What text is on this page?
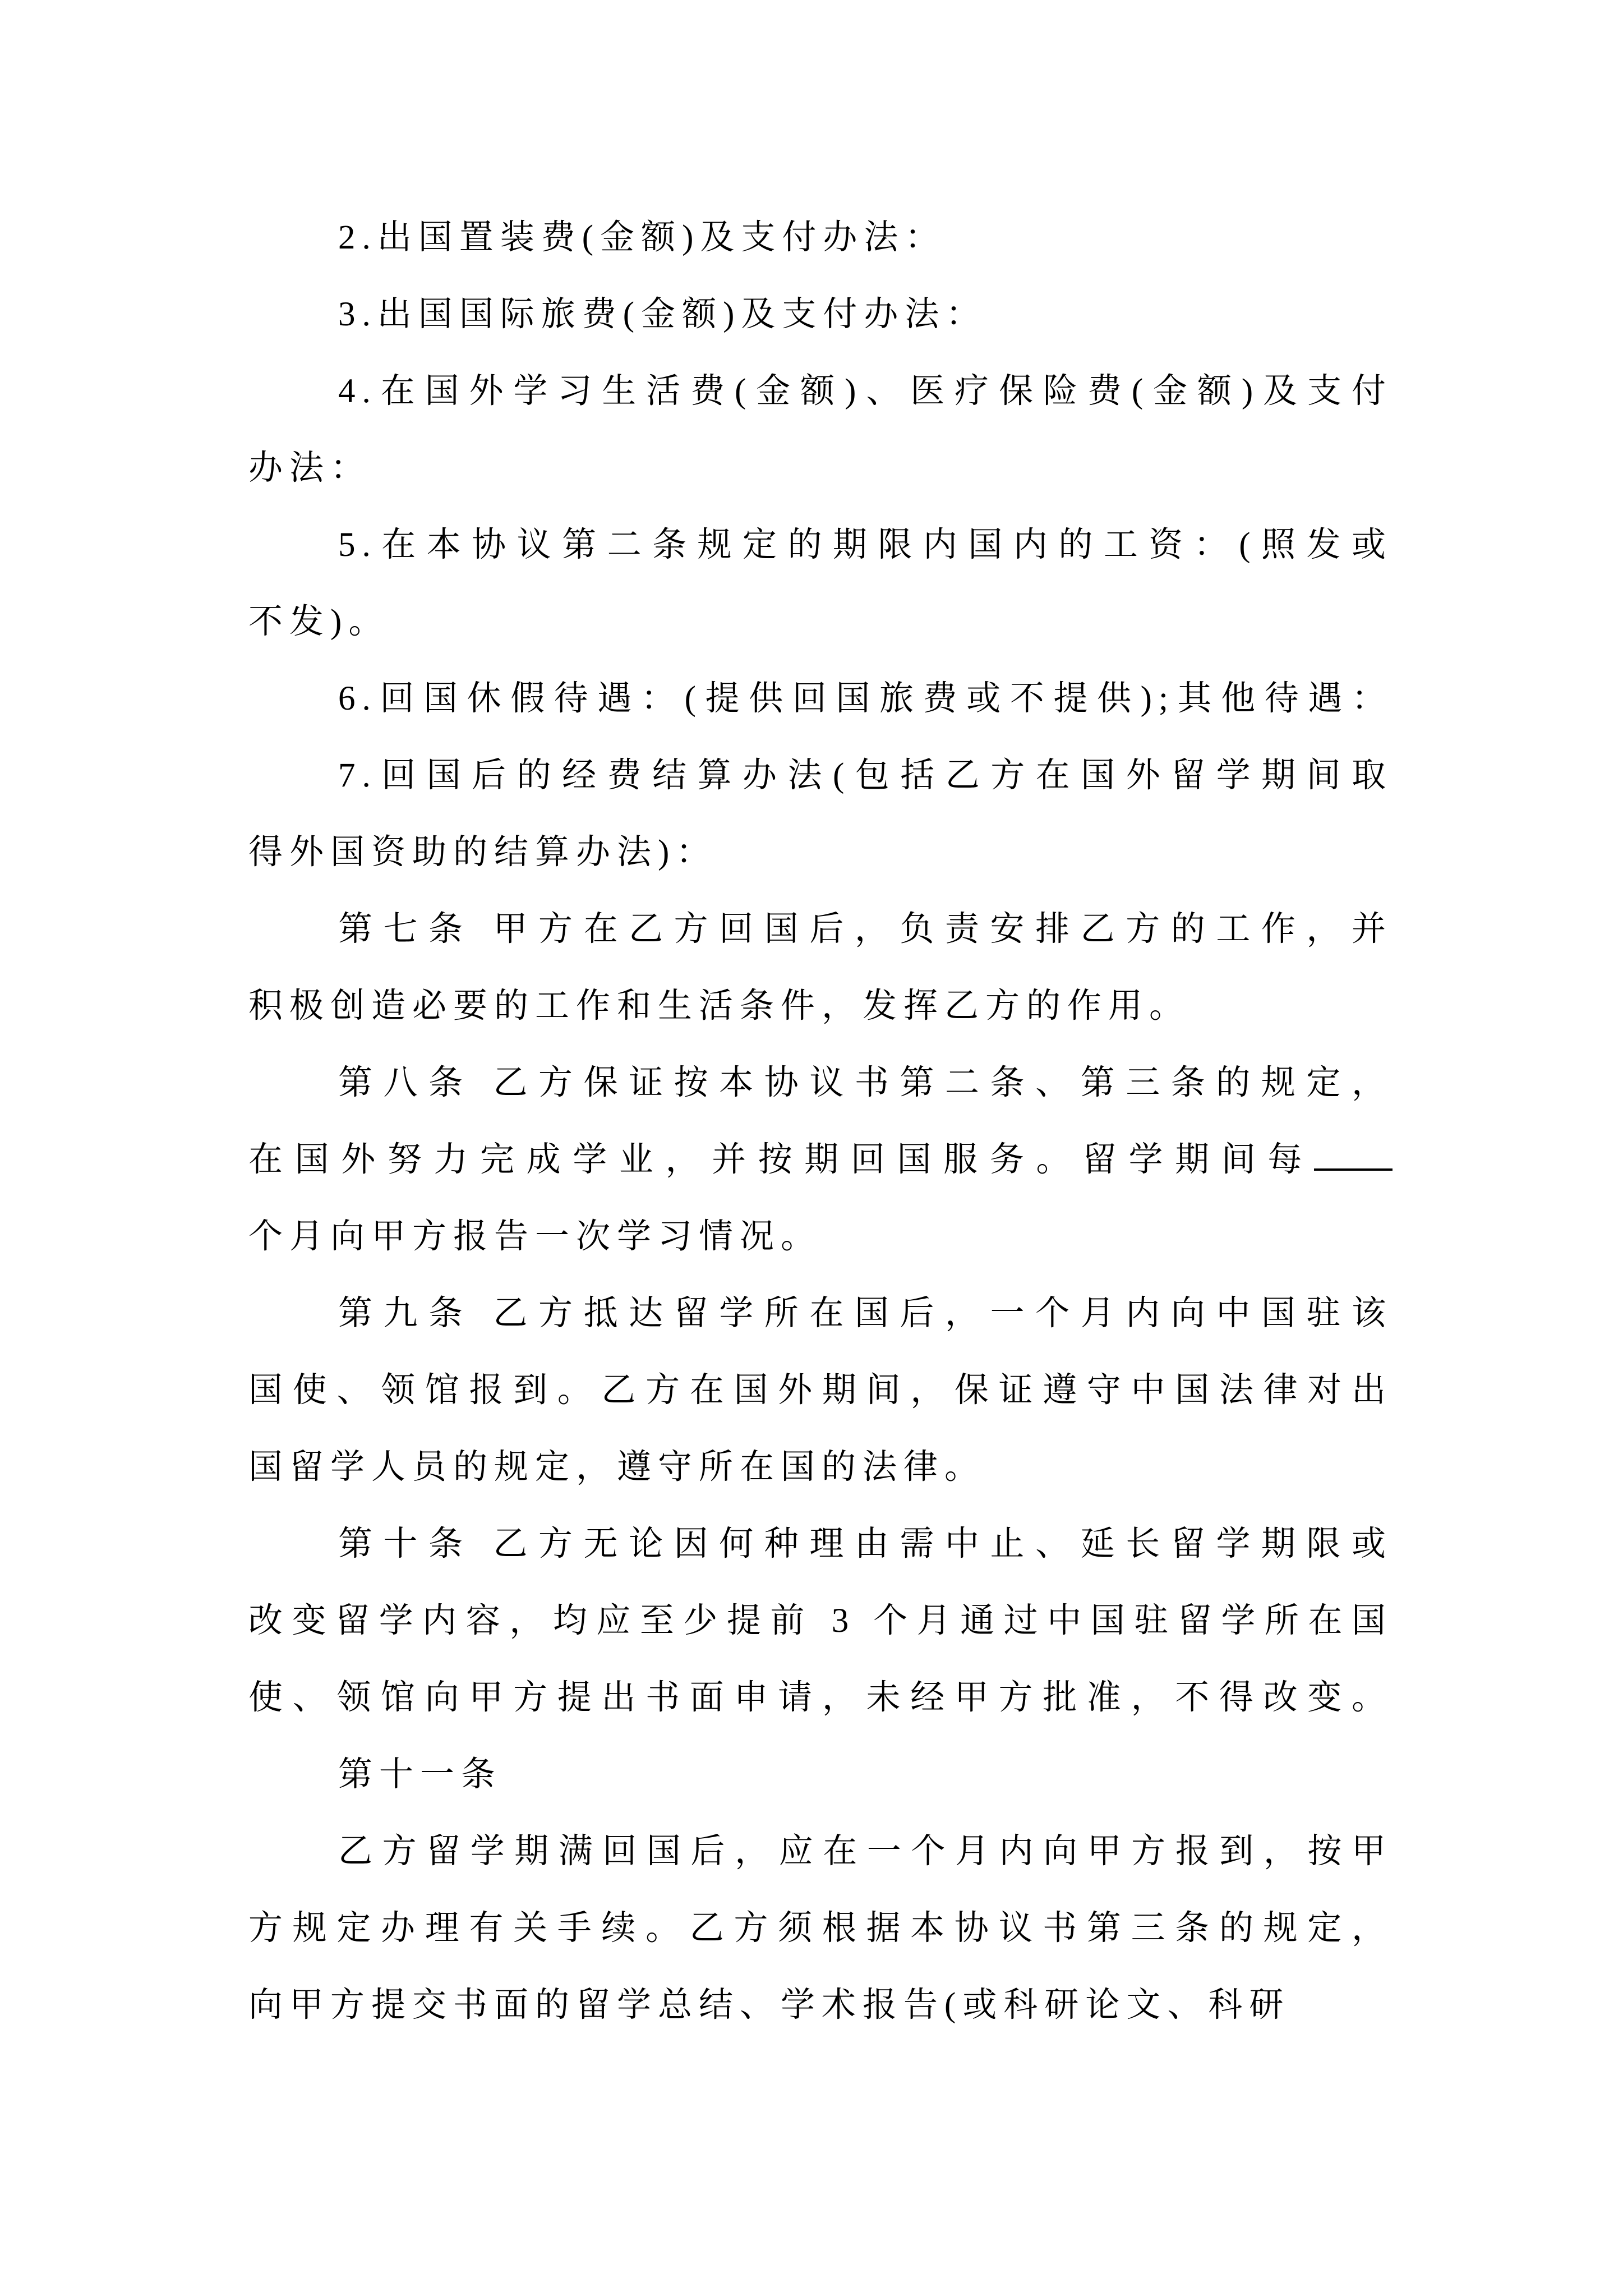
2.出国置装费(金额)及支付办法：
3.出国国际旅费(金额)及支付办法：
4.在国外学习生活费(金额)、医疗保险费(金额)及支付
办法：
5.在本协议第二条规定的期限内国内的工资：(照发或
不发)。
6.回国休假待遇：(提供回国旅费或不提供);其他待遇：
7.回国后的经费结算办法(包括乙方在国外留学期间取
得外国资助的结算办法)：
第七条 甲方在乙方回国后，负责安排乙方的工作，并
积极创造必要的工作和生活条件，发挥乙方的作用。
第八条 乙方保证按本协议书第二条、第三条的规定，
在国外努力完成学业，并按期回国服务。留学期间每
个月向甲方报告一次学习情况。
第九条 乙方抵达留学所在国后，一个月内向中国驻该
国使、领馆报到。乙方在国外期间，保证遵守中国法律对出
国留学人员的规定，遵守所在国的法律。
第十条 乙方无论因何种理由需中止、延长留学期限或
改变留学内容，均应至少提前 3 个月通过中国驻留学所在国
使、领馆向甲方提出书面申请，未经甲方批准，不得改变。
第十一条
乙方留学期满回国后，应在一个月内向甲方报到，按甲
方规定办理有关手续。乙方须根据本协议书第三条的规定，
向甲方提交书面的留学总结、学术报告(或科研论文、科研
